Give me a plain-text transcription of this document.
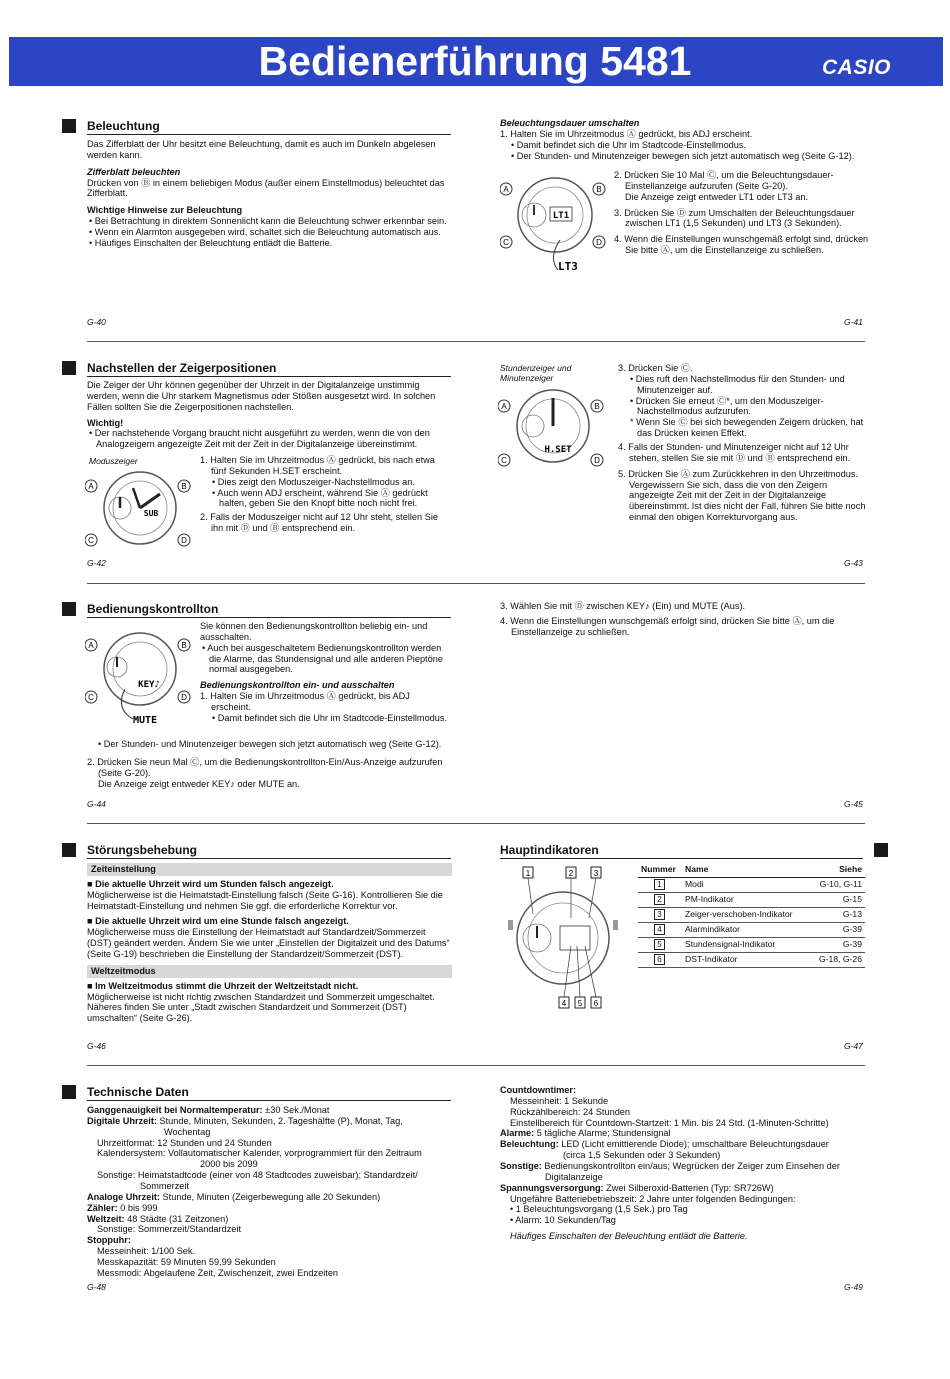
Bedienerführung 5481	CASIO
Beleuchtung

Das Zifferblatt der Uhr besitzt eine Beleuchtung, damit es auch im Dunkeln abgelesen werden kann.

Zifferblatt beleuchten

Drücken von Ⓑ in einem beliebigen Modus (außer einem Einstellmodus) beleuchtet das Zifferblatt.

Wichtige Hinweise zur Beleuchtung

• Bei Betrachtung in direktem Sonnenlicht kann die Beleuchtung schwer erkennbar sein.

• Wenn ein Alarmton ausgegeben wird, schaltet sich die Beleuchtung automatisch aus.

• Häufiges Einschalten der Beleuchtung entlädt die Batterie.

G-40

Beleuchtungsdauer umschalten

1. Halten Sie im Uhrzeitmodus Ⓐ gedrückt, bis ADJ erscheint.

• Damit befindet sich die Uhr im Stadtcode-Einstellmodus.

• Der Stunden- und Minutenzeiger bewegen sich jetzt automatisch weg (Seite G-12).

A	B
C	D
LT1
LT3

2. Drücken Sie 10 Mal Ⓒ, um die Beleuchtungsdauer-Einstellanzeige aufzurufen (Seite G-20).

Die Anzeige zeigt entweder LT1 oder LT3 an.

3. Drücken Sie Ⓓ zum Umschalten der Beleuchtungsdauer zwischen LT1 (1,5 Sekunden) und LT3 (3 Sekunden).

4. Wenn die Einstellungen wunschgemäß erfolgt sind, drücken Sie bitte Ⓐ, um die Einstellanzeige zu schließen.

G-41
Nachstellen der Zeigerpositionen

Die Zeiger der Uhr können gegenüber der Uhrzeit in der Digitalanzeige unstimmig werden, wenn die Uhr starkem Magnetismus oder Stößen ausgesetzt wird. In solchen Fällen sollten Sie die Zeigerpositionen nachstellen.

Wichtig!

• Der nachstehende Vorgang braucht nicht ausgeführt zu werden, wenn die von den Analogzeigern angezeigte Zeit mit der Zeit in der Digitalanzeige übereinstimmt.

Moduszeiger
A	B
C	D
SUB

1. Halten Sie im Uhrzeitmodus Ⓐ gedrückt, bis nach etwa fünf Sekunden H.SET erscheint.

• Dies zeigt den Moduszeiger-Nachstellmodus an.

• Auch wenn ADJ erscheint, während Sie Ⓐ gedrückt halten, geben Sie den Knopf bitte noch nicht frei.

2. Falls der Moduszeiger nicht auf 12 Uhr steht, stellen Sie ihn mit Ⓓ und Ⓑ entsprechend ein.

G-42
Stundenzeiger und Minutenzeiger
A	B
C	D
H.SET

3. Drücken Sie Ⓒ.

• Dies ruft den Nachstellmodus für den Stunden- und Minutenzeiger auf.

• Drücken Sie erneut Ⓒ*, um den Moduszeiger-Nachstellmodus aufzurufen.

* Wenn Sie Ⓒ bei sich bewegenden Zeigern drücken, hat das Drücken keinen Effekt.

4. Falls der Stunden- und Minutenzeiger nicht auf 12 Uhr stehen, stellen Sie sie mit Ⓓ und Ⓑ entsprechend ein.

5. Drücken Sie Ⓐ zum Zurückkehren in den Uhrzeitmodus.

Vergewissern Sie sich, dass die von den Zeigern angezeigte Zeit mit der Zeit in der Digitalanzeige übereinstimmt. Ist dies nicht der Fall, führen Sie bitte noch einmal den obigen Korrekturvorgang aus.

G-43
Bedienungskontrollton
A	B
C	D
KEY♪
MUTE

Sie können den Bedienungskontrollton beliebig ein- und ausschalten.

• Auch bei ausgeschaltetem Bedienungskontrollton werden die Alarme, das Stundensignal und alle anderen Pieptöne normal ausgegeben.

Bedienungskontrollton ein- und ausschalten

1. Halten Sie im Uhrzeitmodus Ⓐ gedrückt, bis ADJ erscheint.

• Damit befindet sich die Uhr im Stadtcode-Einstellmodus.

• Der Stunden- und Minutenzeiger bewegen sich jetzt automatisch weg (Seite G-12).

2. Drücken Sie neun Mal Ⓒ, um die Bedienungskontrollton-Ein/Aus-Anzeige aufzurufen (Seite G-20).

Die Anzeige zeigt entweder KEY♪ oder MUTE an.

G-44

3. Wählen Sie mit Ⓓ zwischen KEY♪ (Ein) und MUTE (Aus).

4. Wenn die Einstellungen wunschgemäß erfolgt sind, drücken Sie bitte Ⓐ, um die Einstellanzeige zu schließen.

G-45
Störungsbehebung

Zeiteinstellung

■ Die aktuelle Uhrzeit wird um Stunden falsch angezeigt.

Möglicherweise ist die Heimatstadt-Einstellung falsch (Seite G-16). Kontrollieren Sie die Heimatstadt-Einstellung und nehmen Sie ggf. die erforderliche Korrektur vor.

■ Die aktuelle Uhrzeit wird um eine Stunde falsch angezeigt.

Möglicherweise muss die Einstellung der Heimatstadt auf Standardzeit/Sommerzeit (DST) geändert werden. Ändern Sie wie unter „Einstellen der Digitalzeit und des Datums“ (Seite G-19) beschrieben die Einstellung der Standardzeit/Sommerzeit (DST).

Weltzeitmodus

■ Im Weltzeitmodus stimmt die Uhrzeit der Weltzeitstadt nicht.

Möglicherweise ist nicht richtig zwischen Standardzeit und Sommerzeit umgeschaltet. Näheres finden Sie unter „Stadt zwischen Standardzeit und Sommerzeit (DST) umschalten“ (Seite G-26).

G-46
Hauptindikatoren
1	2	3
4 5 6
Nummer	Name	Siehe
1	Modi	G-10, G-11
2	PM-Indikator	G-15
3	Zeiger-verschoben-Indikator	G-13
4	Alarmindikator	G-39
5	Stundensignal-Indikator	G-39
6	DST-Indikator	G-18, G-26
G-47
Technische Daten

Ganggenauigkeit bei Normaltemperatur: ±30 Sek./Monat

Digitale Uhrzeit: Stunde, Minuten, Sekunden, 2. Tageshälfte (P), Monat, Tag,

Wochentag

Uhrzeitformat: 12 Stunden und 24 Stunden

Kalendersystem: Vollautomatischer Kalender, vorprogrammiert für den Zeitraum

2000 bis 2099

Sonstige: Heimatstadtcode (einer von 48 Stadtcodes zuweisbar); Standardzeit/

Sommerzeit

Analoge Uhrzeit: Stunde, Minuten (Zeigerbewegung alle 20 Sekunden)

Zähler: 0 bis 999

Weltzeit: 48 Städte (31 Zeitzonen)

Sonstige: Sommerzeit/Standardzeit

Stoppuhr:

Messeinheit: 1/100 Sek.

Messkapazität: 59 Minuten 59,99 Sekunden

Messmodi: Abgelaufene Zeit, Zwischenzeit, zwei Endzeiten

G-48

Countdowntimer:

Messeinheit: 1 Sekunde

Rückzählbereich: 24 Stunden

Einstellbereich für Countdown-Startzeit: 1 Min. bis 24 Std. (1-Minuten-Schritte)

Alarme: 5 tägliche Alarme; Stundensignal

Beleuchtung: LED (Licht emittierende Diode); umschaltbare Beleuchtungsdauer

(circa 1,5 Sekunden oder 3 Sekunden)

Sonstige: Bedienungskontrollton ein/aus; Wegrücken der Zeiger zum Einsehen der

Digitalanzeige

Spannungsversorgung: Zwei Silberoxid-Batterien (Typ: SR726W)

Ungefähre Batteriebetriebszeit: 2 Jahre unter folgenden Bedingungen:

• 1 Beleuchtungsvorgang (1,5 Sek.) pro Tag

• Alarm: 10 Sekunden/Tag

Häufiges Einschalten der Beleuchtung entlädt die Batterie.

G-49
